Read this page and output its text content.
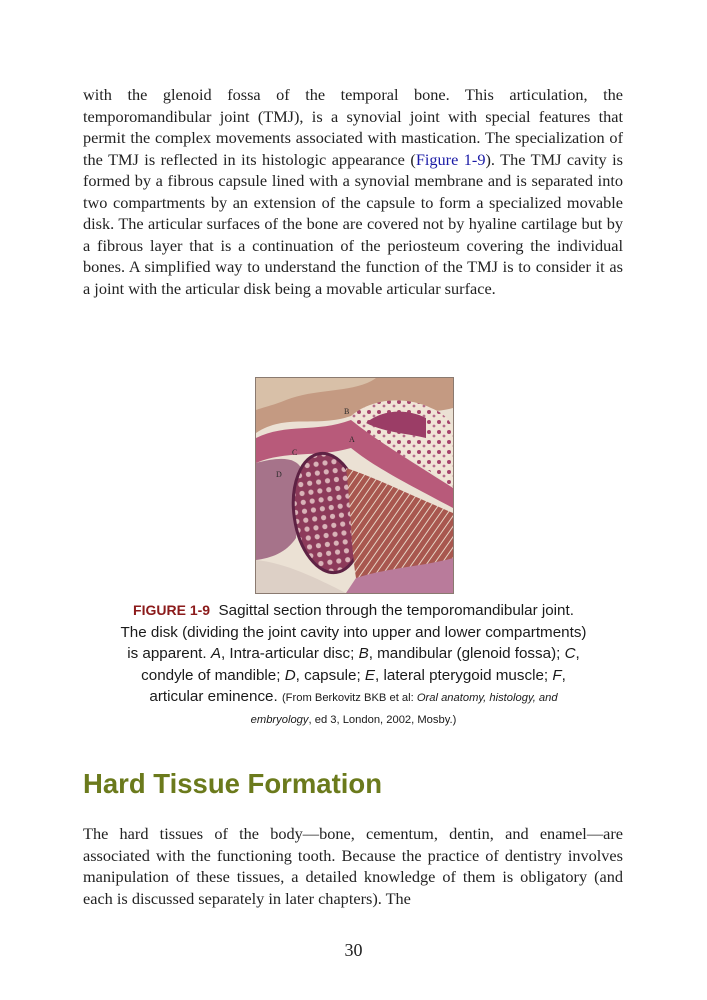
with the glenoid fossa of the temporal bone. This articulation, the temporomandibular joint (TMJ), is a synovial joint with special features that permit the complex movements associated with mastication. The specialization of the TMJ is reflected in its histologic appearance (Figure 1-9). The TMJ cavity is formed by a fibrous capsule lined with a synovial membrane and is separated into two compartments by an extension of the capsule to form a specialized movable disk. The articular surfaces of the bone are covered not by hyaline cartilage but by a fibrous layer that is a continuation of the periosteum covering the individual bones. A simplified way to understand the function of the TMJ is to consider it as a joint with the articular disk being a movable articular surface.

B
A
C
D

FIGURE 1-9 Sagittal section through the temporomandibular joint. The disk (dividing the joint cavity into upper and lower compartments) is apparent. A, Intra-articular disc; B, mandibular (glenoid fossa); C, condyle of mandible; D, capsule; E, lateral pterygoid muscle; F, articular eminence. (From Berkovitz BKB et al: Oral anatomy, histology, and embryology, ed 3, London, 2002, Mosby.)

Hard Tissue Formation

The hard tissues of the body—bone, cementum, dentin, and enamel—are associated with the functioning tooth. Because the practice of dentistry involves manipulation of these tissues, a detailed knowledge of them is obligatory (and each is discussed separately in later chapters). The

30
